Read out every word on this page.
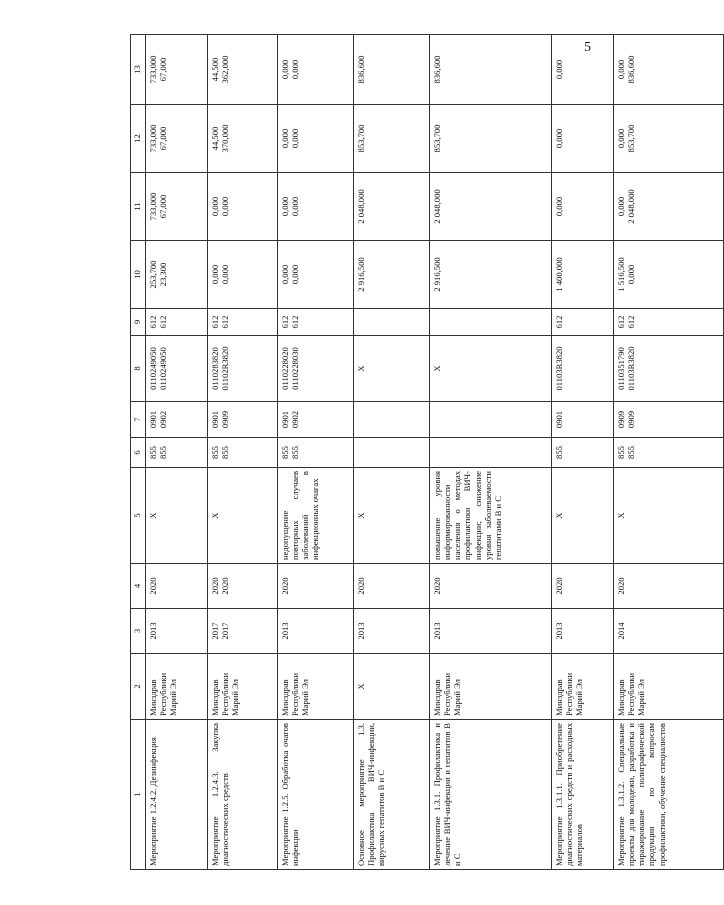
5
1	2	3	4	5	6	7	8	9	10	11	12	13

Мероприятие 1.2.4.2. Дезинфекция	Минздрав Республики Марий Эл	2013	2020	Х	855 855	0901 0902	0110249050 0110249050	612 612	253,700 23,300	733,000 67,000	733,000 67,000	733,000 67,000

Мероприятие 1.2.4.3. Закупка диагностических средств	Минздрав Республики Марий Эл	2017 2017	2020 2020	Х	855 855	0901 0909	0110283820 01102R3820	612 612	0,000 0,000	0,000 0,000	44,500 370,000	44,500 362,000

Мероприятие 1.2.5. Обработка очагов инфекции	Минздрав Республики Марий Эл	2013	2020	недопущение повторных случаев заболеваний в инфекционных очагах	855 855	0901 0902	0110228020 0110228030	612 612	0,000 0,000	0,000 0,000	0,000 0,000	0,000 0,000

Основное мероприятие 1.3. Профилактика ВИЧ-инфекции, вирусных гепатитов В и С	Х	2013	2020	Х			Х		2 916,500	2 048,000	853,700	836,600

Мероприятие 1.3.1. Профилактика и лечение ВИЧ-инфекции и гепатитов В и С	Минздрав Республики Марий Эл	2013	2020	повышение уровня информированности населения о методах профилактики ВИЧ-инфекции; снижение уровня заболеваемости гепатитами В и С			Х		2 916,500	2 048,000	853,700	836,600

Мероприятие 1.3.1.1. Приобретение диагностических средств и расходных материалов	Минздрав Республики Марий Эл	2013	2020	Х	855	0901	01103R3820	612	1 400,000	0,000	0,000	0,000

Мероприятие 1.3.1.2. Специальные проекты для молодежи, разработка и тиражирование полиграфической продукции по вопросам профилактики, обучение специалистов	Минздрав Республики Марий Эл	2014	2020	Х	855 855	0909 0909	0110351790 01103R3820	612 612	1 516,500 0,000	0,000 2 048,000	0,000 853,700	0,000 836,600
